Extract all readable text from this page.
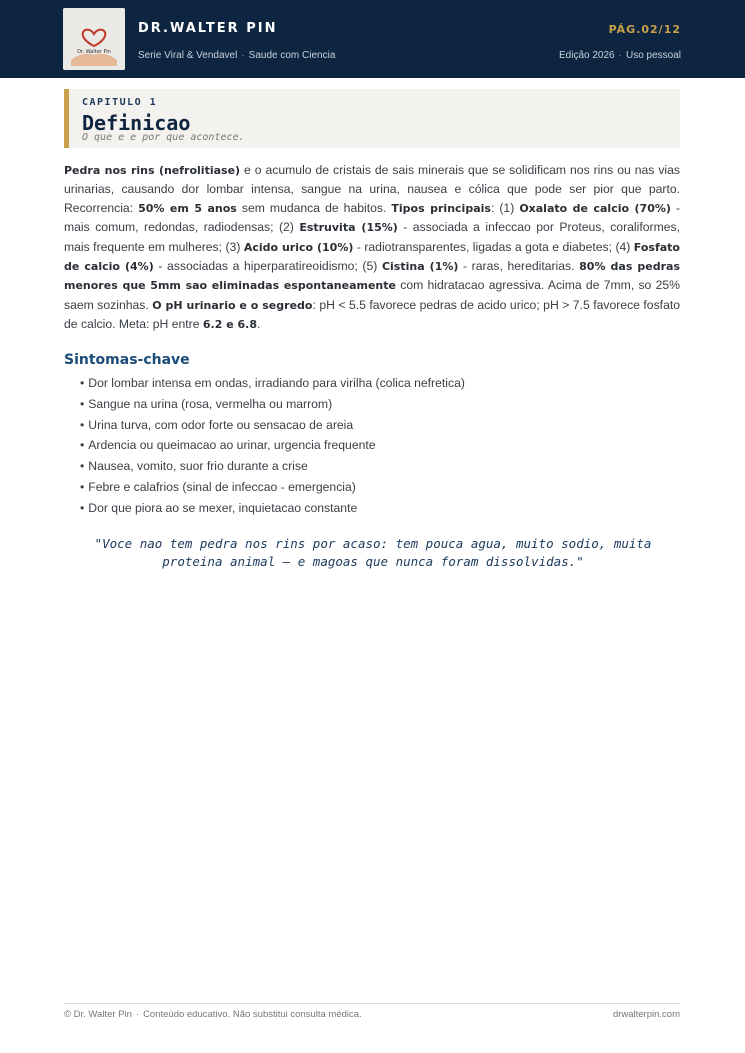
Dr. Walter Pin
DR.WALTER PIN
Serie Viral & Vendavel · Saude com Ciencia
PÁG.02/12
Edição 2026 · Uso pessoal
CAPITULO 1
Definicao
O que e e por que acontece.

Pedra nos rins (nefrolitiase) e o acumulo de cristais de sais minerais que se solidificam nos rins ou nas vias urinarias, causando dor lombar intensa, sangue na urina, nausea e cólica que pode ser pior que parto. Recorrencia: 50% em 5 anos sem mudanca de habitos. Tipos principais: (1) Oxalato de calcio (70%) - mais comum, redondas, radiodensas; (2) Estruvita (15%) - associada a infeccao por Proteus, coraliformes, mais frequente em mulheres; (3) Acido urico (10%) - radiotransparentes, ligadas a gota e diabetes; (4) Fosfato de calcio (4%) - associadas a hiperparatireoidismo; (5) Cistina (1%) - raras, hereditarias. 80% das pedras menores que 5mm sao eliminadas espontaneamente com hidratacao agressiva. Acima de 7mm, so 25% saem sozinhas. O pH urinario e o segredo: pH < 5.5 favorece pedras de acido urico; pH > 7.5 favorece fosfato de calcio. Meta: pH entre 6.2 e 6.8.

Sintomas-chave
• Dor lombar intensa em ondas, irradiando para virilha (colica nefretica)
• Sangue na urina (rosa, vermelha ou marrom)
• Urina turva, com odor forte ou sensacao de areia
• Ardencia ou queimacao ao urinar, urgencia frequente
• Nausea, vomito, suor frio durante a crise
• Febre e calafrios (sinal de infeccao - emergencia)
• Dor que piora ao se mexer, inquietacao constante

"Voce nao tem pedra nos rins por acaso: tem pouca agua, muito sodio, muita proteina animal — e magoas que nunca foram dissolvidas."

© Dr. Walter Pin · Conteúdo educativo. Não substitui consulta médica.	drwalterpin.com
